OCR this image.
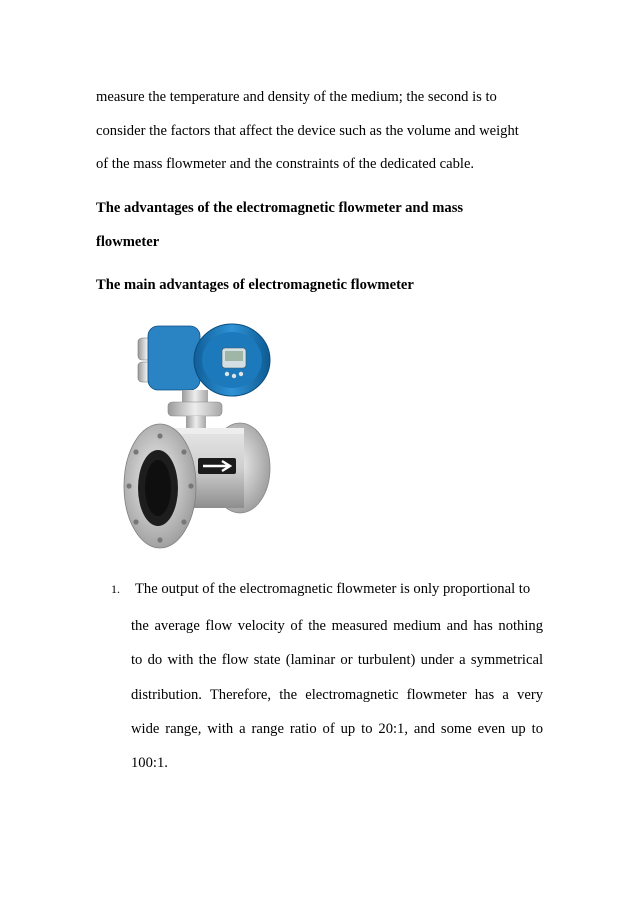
measure the temperature and density of the medium; the second is to
consider the factors that affect the device such as the volume and weight
of the mass flowmeter and the constraints of the dedicated cable.
The advantages of the electromagnetic flowmeter and mass
flowmeter
The main advantages of electromagnetic flowmeter
1. The output of the electromagnetic flowmeter is only proportional to
the average flow velocity of the measured medium and has nothing
to do with the flow state (laminar or turbulent) under a symmetrical
distribution. Therefore, the electromagnetic flowmeter has a very
wide range, with a range ratio of up to 20:1, and some even up to
100:1.
